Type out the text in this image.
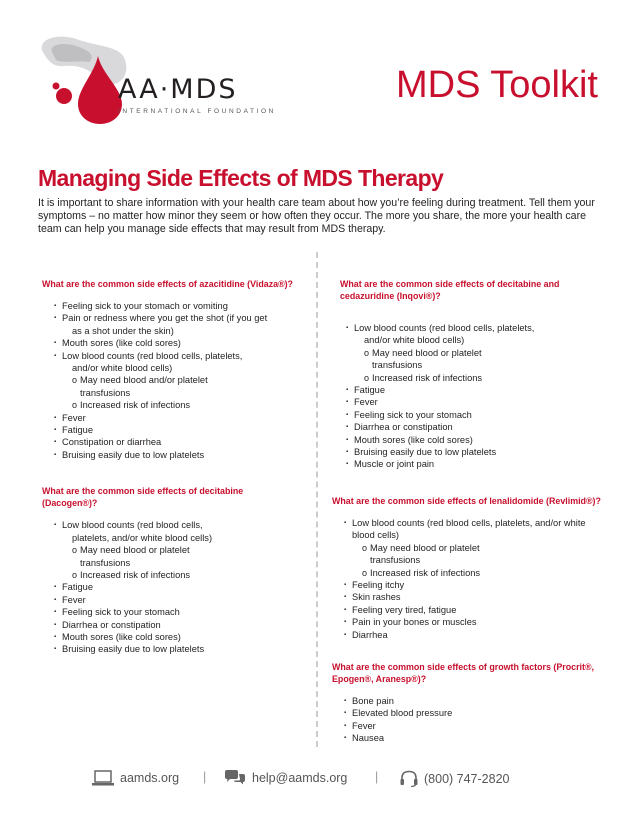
AA·MDS
INTERNATIONAL FOUNDATION
MDS Toolkit
Managing Side Effects of MDS Therapy

It is important to share information with your health care team about how you’re feeling during treatment. Tell them your symptoms – no matter how minor they seem or how often they occur. The more you share, the more your health care team can help you manage side effects that may result from MDS therapy.

What are the common side effects of azacitidine (Vidaza®)?

▪ Feeling sick to your stomach or vomiting
▪ Pain or redness where you get the shot (if you get
as a shot under the skin)
▪ Mouth sores (like cold sores)
▪ Low blood counts (red blood cells, platelets,
and/or white blood cells)
o May need blood and/or platelet
transfusions
o Increased risk of infections
▪ Fever
▪ Fatigue
▪ Constipation or diarrhea
▪ Bruising easily due to low platelets

What are the common side effects of decitabine (Dacogen®)?

▪ Low blood counts (red blood cells,
platelets, and/or white blood cells)
o May need blood or platelet
transfusions
o Increased risk of infections
▪ Fatigue
▪ Fever
▪ Feeling sick to your stomach
▪ Diarrhea or constipation
▪ Mouth sores (like cold sores)
▪ Bruising easily due to low platelets

What are the common side effects of decitabine and cedazuridine (Inqovi®)?

▪ Low blood counts (red blood cells, platelets,
and/or white blood cells)
o May need blood or platelet
transfusions
o Increased risk of infections
▪ Fatigue
▪ Fever
▪ Feeling sick to your stomach
▪ Diarrhea or constipation
▪ Mouth sores (like cold sores)
▪ Bruising easily due to low platelets
▪ Muscle or joint pain

What are the common side effects of lenalidomide (Revlimid®)?

▪ Low blood counts (red blood cells, platelets, and/or white
blood cells)
o May need blood or platelet
transfusions
o Increased risk of infections
▪ Feeling itchy
▪ Skin rashes
▪ Feeling very tired, fatigue
▪ Pain in your bones or muscles
▪ Diarrhea

What are the common side effects of growth factors (Procrit®, Epogen®, Aranesp®)?

▪ Bone pain
▪ Elevated blood pressure
▪ Fever
▪ Nausea
aamds.org |	help@aamds.org |	(800) 747-2820
